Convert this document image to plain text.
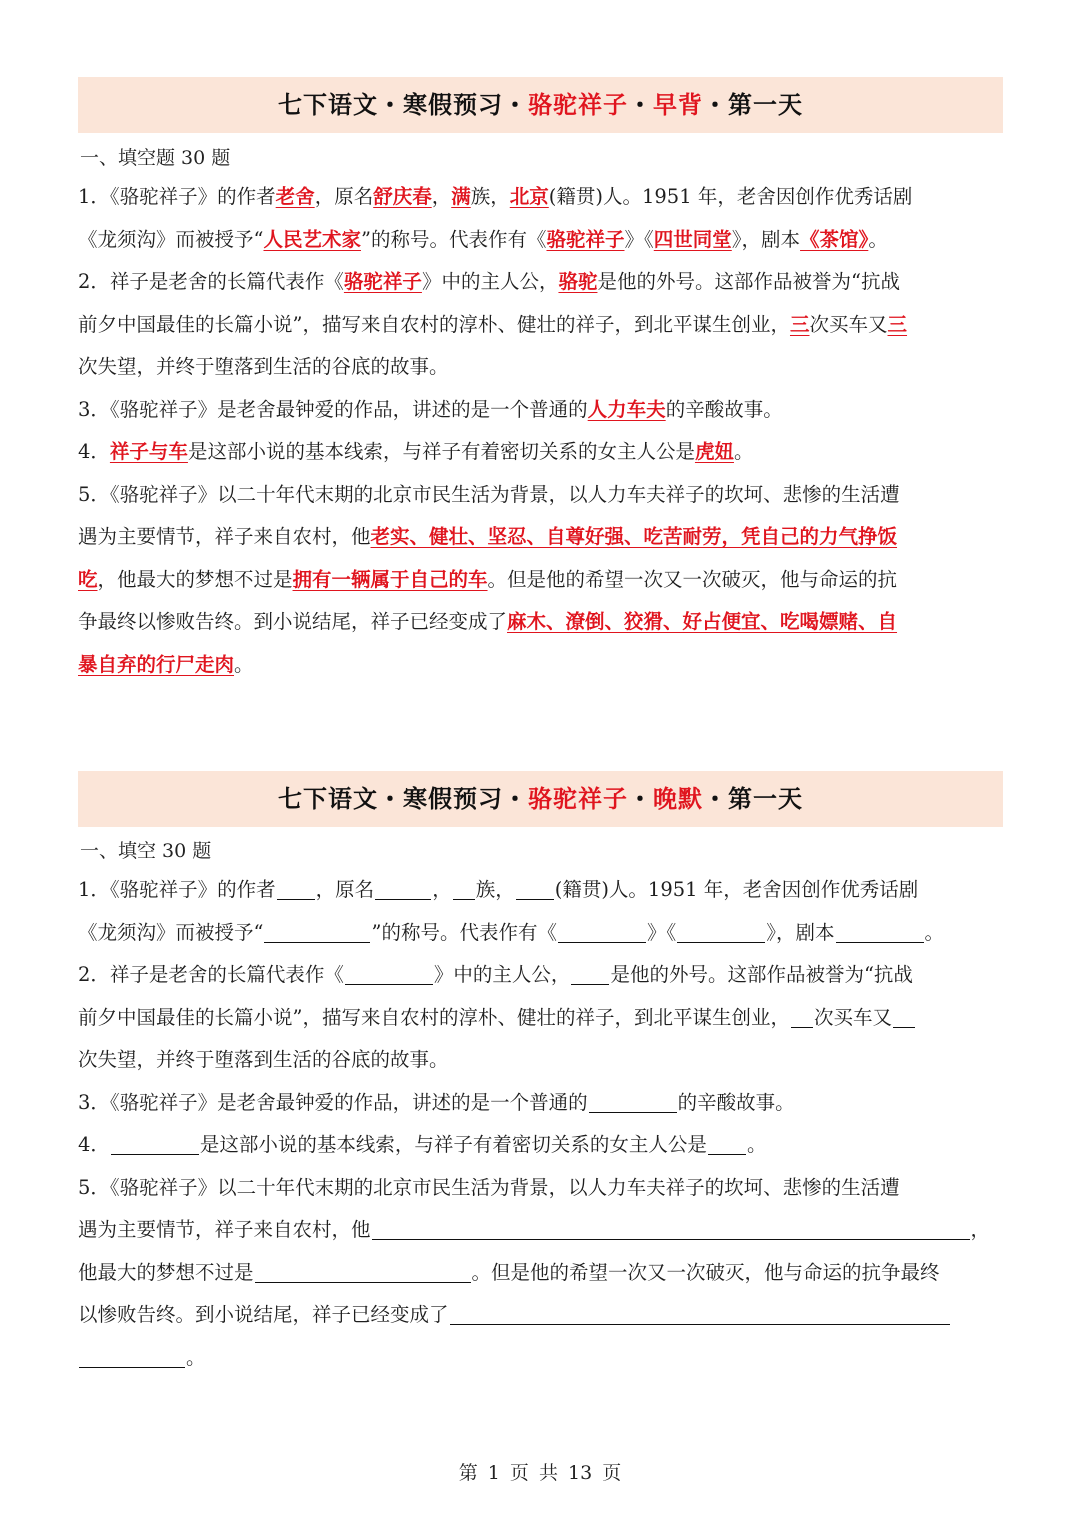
七下语文・寒假预习・骆驼祥子・早背・第一天
一、填空题 30 题
1．《骆驼祥子》的作者老舍，原名舒庆春，满族，北京(籍贯)人。1951 年，老舍因创作优秀话剧
《龙须沟》而被授予“人民艺术家”的称号。代表作有《骆驼祥子》《四世同堂》，剧本《茶馆》。
2．祥子是老舍的长篇代表作《骆驼祥子》中的主人公，骆驼是他的外号。这部作品被誉为“抗战
前夕中国最佳的长篇小说”，描写来自农村的淳朴、健壮的祥子，到北平谋生创业，三次买车又三
次失望，并终于堕落到生活的谷底的故事。
3．《骆驼祥子》是老舍最钟爱的作品，讲述的是一个普通的人力车夫的辛酸故事。
4．祥子与车是这部小说的基本线索，与祥子有着密切关系的女主人公是虎妞。
5．《骆驼祥子》以二十年代末期的北京市民生活为背景，以人力车夫祥子的坎坷、悲惨的生活遭
遇为主要情节，祥子来自农村，他老实、健壮、坚忍、自尊好强、吃苦耐劳，凭自己的力气挣饭
吃，他最大的梦想不过是拥有一辆属于自己的车。但是他的希望一次又一次破灭，他与命运的抗
争最终以惨败告终。到小说结尾，祥子已经变成了麻木、潦倒、狡猾、好占便宜、吃喝嫖赌、自
暴自弃的行尸走肉。
七下语文・寒假预习・骆驼祥子・晚默・第一天
一、填空 30 题
1．《骆驼祥子》的作者 ，原名	， 族， (籍贯)人。1951 年，老舍因创作优秀话剧
《龙须沟》而被授予“	”的称号。代表作有《	》《	》，剧本	。
2．祥子是老舍的长篇代表作《	》中的主人公， 是他的外号。这部作品被誉为“抗战
前夕中国最佳的长篇小说”，描写来自农村的淳朴、健壮的祥子，到北平谋生创业， 次买车又
次失望，并终于堕落到生活的谷底的故事。
3．《骆驼祥子》是老舍最钟爱的作品，讲述的是一个普通的	的辛酸故事。
4．	是这部小说的基本线索，与祥子有着密切关系的女主人公是 。
5．《骆驼祥子》以二十年代末期的北京市民生活为背景，以人力车夫祥子的坎坷、悲惨的生活遭
遇为主要情节，祥子来自农村，他	，
他最大的梦想不过是	。但是他的希望一次又一次破灭，他与命运的抗争最终
以惨败告终。到小说结尾，祥子已经变成了
。
第 1 页 共 13 页
